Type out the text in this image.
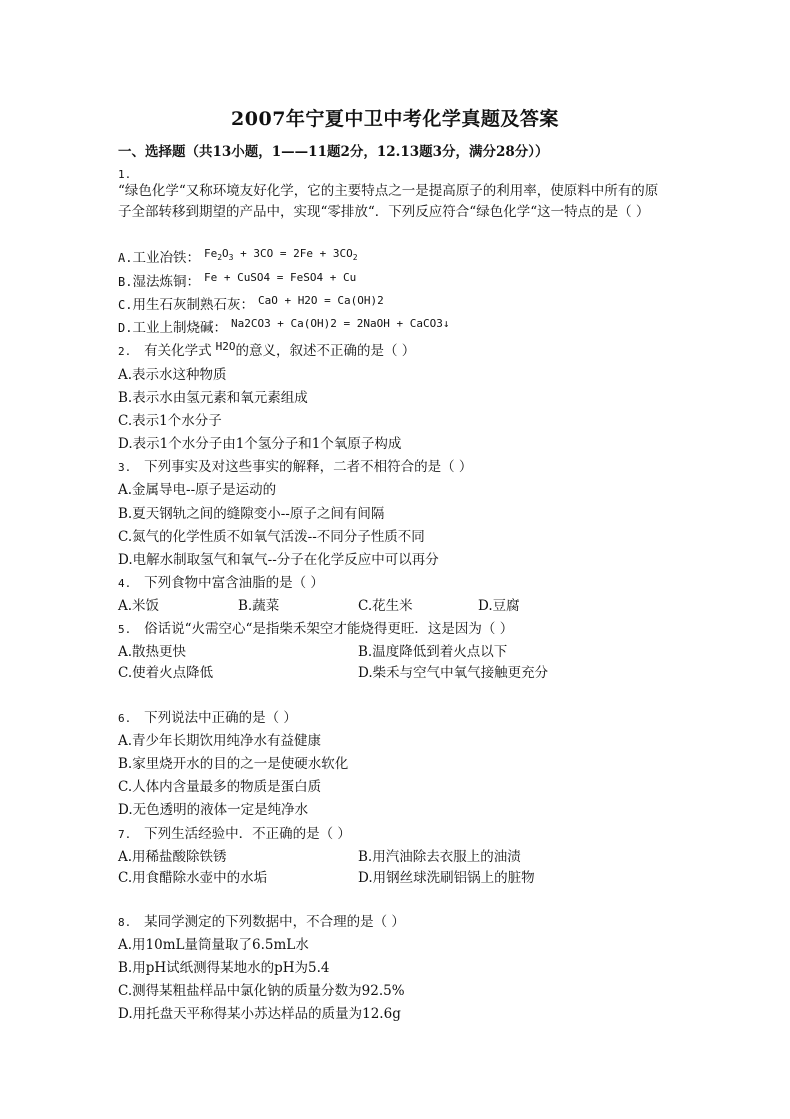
2007年宁夏中卫中考化学真题及答案
一、选择题（共13小题，1——11题2分，12.13题3分，满分28分））
1.
“绿色化学“又称环境友好化学，它的主要特点之一是提高原子的利用率，使原料中所有的原子全部转移到期望的产品中，实现“零排放“．下列反应符合“绿色化学“这一特点的是（ ）
A.工业冶铁： $^{Fe_2O_3 + 3CO = 2Fe + 3CO_2}$
B.湿法炼铜： $^{Fe + CuSO4 = FeSO4 + Cu}$
C.用生石灰制熟石灰： $^{CaO + H2O = Ca(OH)2}$
D.工业上制烧碱： $^{Na2CO3 + Ca(OH)2 = 2NaOH + CaCO3↓}$
2. 有关化学式 $^{H2O}$的意义，叙述不正确的是（ ）
A.表示水这种物质
B.表示水由氢元素和氧元素组成
C.表示1个水分子
D.表示1个水分子由1个氢分子和1个氧原子构成
3. 下列事实及对这些事实的解释，二者不相符合的是（ ）
A.金属导电--原子是运动的
B.夏天钢轨之间的缝隙变小--原子之间有间隔
C.氮气的化学性质不如氧气活泼--不同分子性质不同
D.电解水制取氢气和氧气--分子在化学反应中可以再分
4. 下列食物中富含油脂的是（ ）
A.米饭	B.蔬菜	C.花生米	D.豆腐
5. 俗话说“火需空心“是指柴禾架空才能烧得更旺．这是因为（ ）
A.散热更快	B.温度降低到着火点以下
C.使着火点降低	D.柴禾与空气中氧气接触更充分
6. 下列说法中正确的是（ ）
A.青少年长期饮用纯净水有益健康
B.家里烧开水的目的之一是使硬水软化
C.人体内含量最多的物质是蛋白质
D.无色透明的液体一定是纯净水
7. 下列生活经验中．不正确的是（ ）
A.用稀盐酸除铁锈	B.用汽油除去衣服上的油渍
C.用食醋除水壶中的水垢	D.用钢丝球洗刷铝锅上的脏物
8. 某同学测定的下列数据中，不合理的是（ ）
A.用10mL量筒量取了6.5mL水
B.用pH试纸测得某地水的pH为5.4
C.测得某粗盐样品中氯化钠的质量分数为92.5%
D.用托盘天平称得某小苏达样品的质量为12.6g
